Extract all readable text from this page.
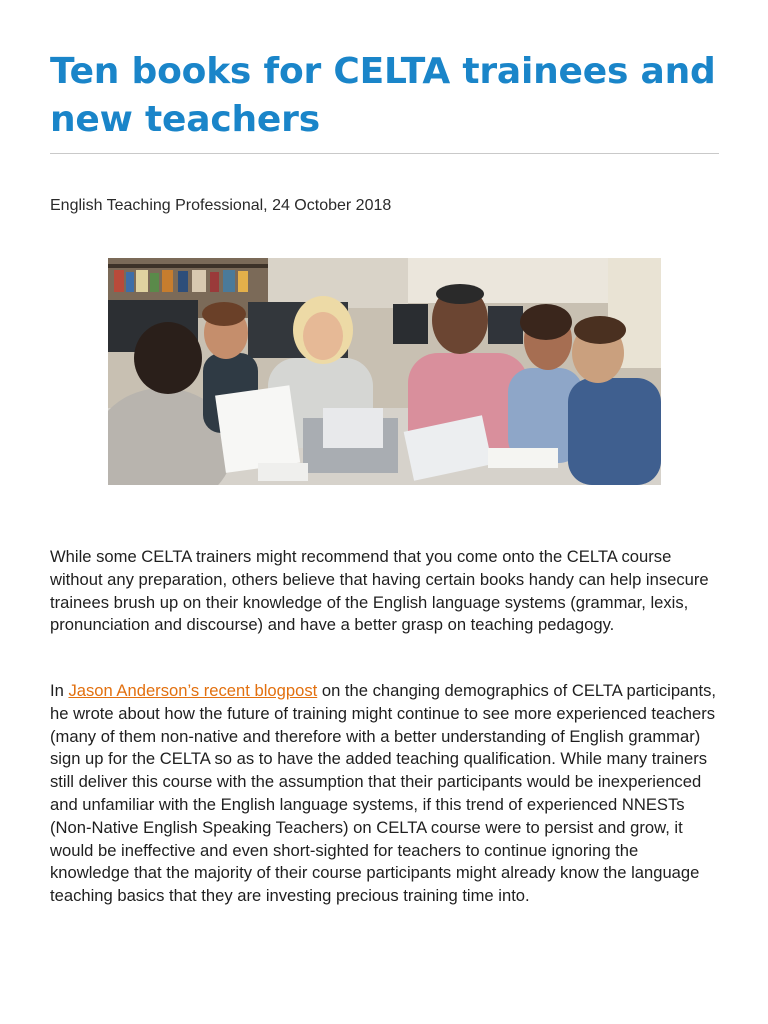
Ten books for CELTA trainees and new teachers

English Teaching Professional, 24 October 2018

While some CELTA trainers might recommend that you come onto the CELTA course without any preparation, others believe that having certain books handy can help insecure trainees brush up on their knowledge of the English language systems (grammar, lexis, pronunciation and discourse) and have a better grasp on teaching pedagogy.

In Jason Anderson’s recent blogpost on the changing demographics of CELTA participants, he wrote about how the future of training might continue to see more experienced teachers (many of them non-native and therefore with a better understanding of English grammar) sign up for the CELTA so as to have the added teaching qualification. While many trainers still deliver this course with the assumption that their participants would be inexperienced and unfamiliar with the English language systems, if this trend of experienced NNESTs (Non-Native English Speaking Teachers) on CELTA course were to persist and grow, it would be ineffective and even short-sighted for teachers to continue ignoring the knowledge that the majority of their course participants might already know the language teaching basics that they are investing precious training time into.
